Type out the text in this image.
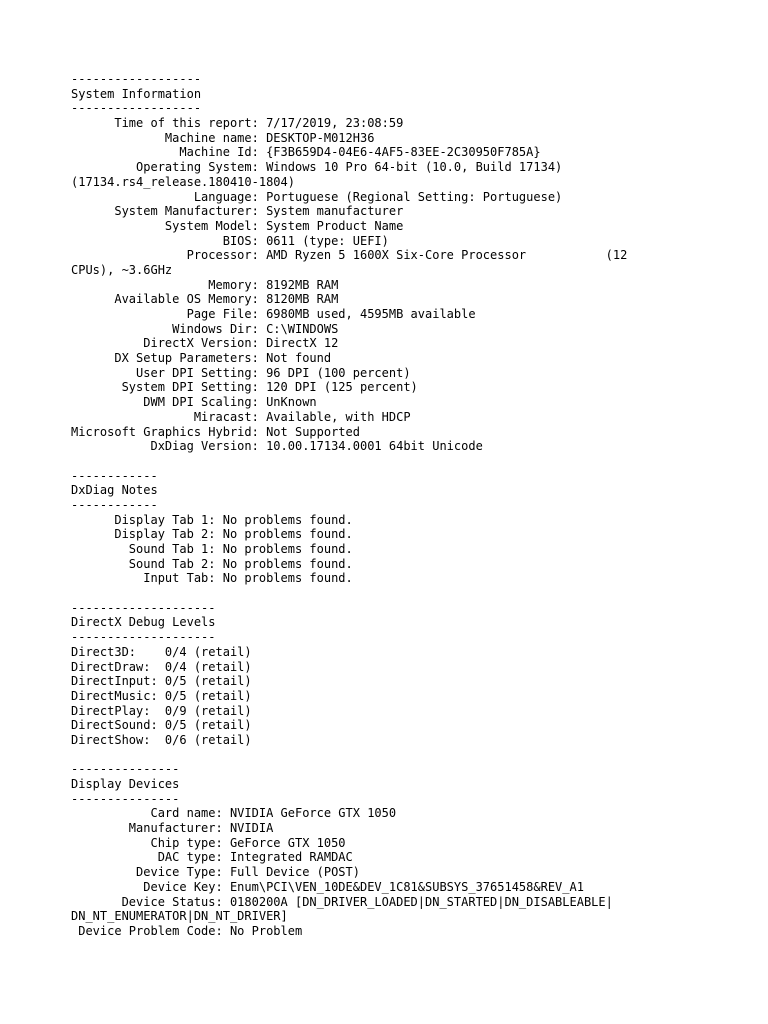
------------------
System Information
------------------
Time of this report: 7/17/2019, 23:08:59
Machine name: DESKTOP-M012H36
Machine Id: {F3B659D4-04E6-4AF5-83EE-2C30950F785A}
Operating System: Windows 10 Pro 64-bit (10.0, Build 17134)
(17134.rs4_release.180410-1804)
Language: Portuguese (Regional Setting: Portuguese)
System Manufacturer: System manufacturer
System Model: System Product Name
BIOS: 0611 (type: UEFI)
Processor: AMD Ryzen 5 1600X Six-Core Processor           (12
CPUs), ~3.6GHz
Memory: 8192MB RAM
Available OS Memory: 8120MB RAM
Page File: 6980MB used, 4595MB available
Windows Dir: C:\WINDOWS
DirectX Version: DirectX 12
DX Setup Parameters: Not found
User DPI Setting: 96 DPI (100 percent)
System DPI Setting: 120 DPI (125 percent)
DWM DPI Scaling: UnKnown
Miracast: Available, with HDCP
Microsoft Graphics Hybrid: Not Supported
DxDiag Version: 10.00.17134.0001 64bit Unicode
------------
DxDiag Notes
------------
Display Tab 1: No problems found.
Display Tab 2: No problems found.
Sound Tab 1: No problems found.
Sound Tab 2: No problems found.
Input Tab: No problems found.
--------------------
DirectX Debug Levels
--------------------
Direct3D:    0/4 (retail)
DirectDraw:  0/4 (retail)
DirectInput: 0/5 (retail)
DirectMusic: 0/5 (retail)
DirectPlay:  0/9 (retail)
DirectSound: 0/5 (retail)
DirectShow:  0/6 (retail)
---------------
Display Devices
---------------
Card name: NVIDIA GeForce GTX 1050
Manufacturer: NVIDIA
Chip type: GeForce GTX 1050
DAC type: Integrated RAMDAC
Device Type: Full Device (POST)
Device Key: Enum\PCI\VEN_10DE&DEV_1C81&SUBSYS_37651458&REV_A1
Device Status: 0180200A [DN_DRIVER_LOADED|DN_STARTED|DN_DISABLEABLE|
DN_NT_ENUMERATOR|DN_NT_DRIVER]
Device Problem Code: No Problem
